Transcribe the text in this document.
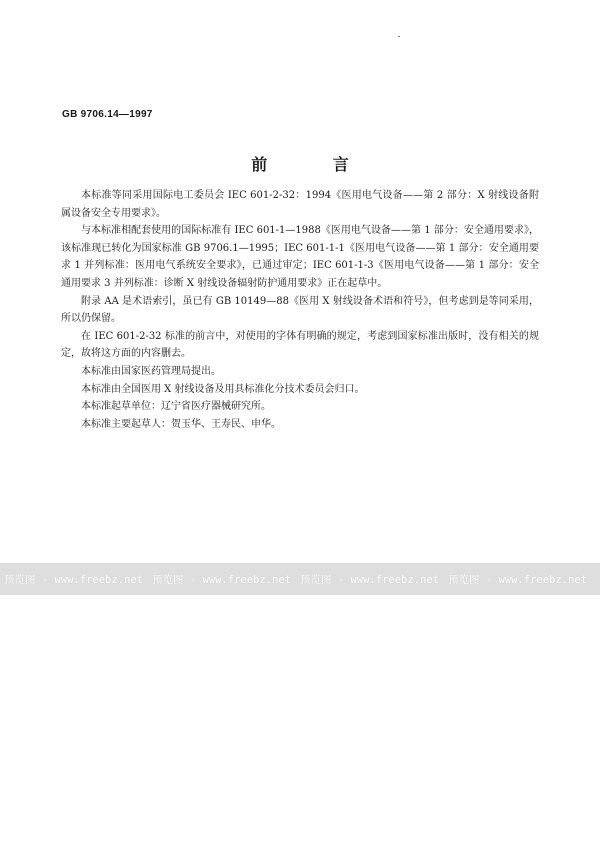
GB 9706.14—1997
前 言

本标准等同采用国际电工委员会 IEC 601-2-32：1994《医用电气设备——第 2 部分：X 射线设备附属设备安全专用要求》。

与本标准相配套使用的国际标准有 IEC 601-1—1988《医用电气设备——第 1 部分：安全通用要求》，该标准现已转化为国家标准 GB 9706.1—1995；IEC 601-1-1《医用电气设备——第 1 部分：安全通用要求 1 并列标准：医用电气系统安全要求》，已通过审定；IEC 601-1-3《医用电气设备——第 1 部分：安全通用要求 3 并列标准：诊断 X 射线设备辐射防护通用要求》正在起草中。

附录 AA 是术语索引，虽已有 GB 10149—88《医用 X 射线设备术语和符号》，但考虑到是等同采用，所以仍保留。

在 IEC 601-2-32 标准的前言中，对使用的字体有明确的规定，考虑到国家标准出版时，没有相关的规定，故将这方面的内容删去。

本标准由国家医药管理局提出。

本标准由全国医用 X 射线设备及用具标准化分技术委员会归口。

本标准起草单位：辽宁省医疗器械研究所。

本标准主要起草人：贺玉华、王寿民、申华。

预览图 - www.freebz.net 预览图 - www.freebz.net 预览图 - www.freebz.net 预览图 - www.freebz.net
